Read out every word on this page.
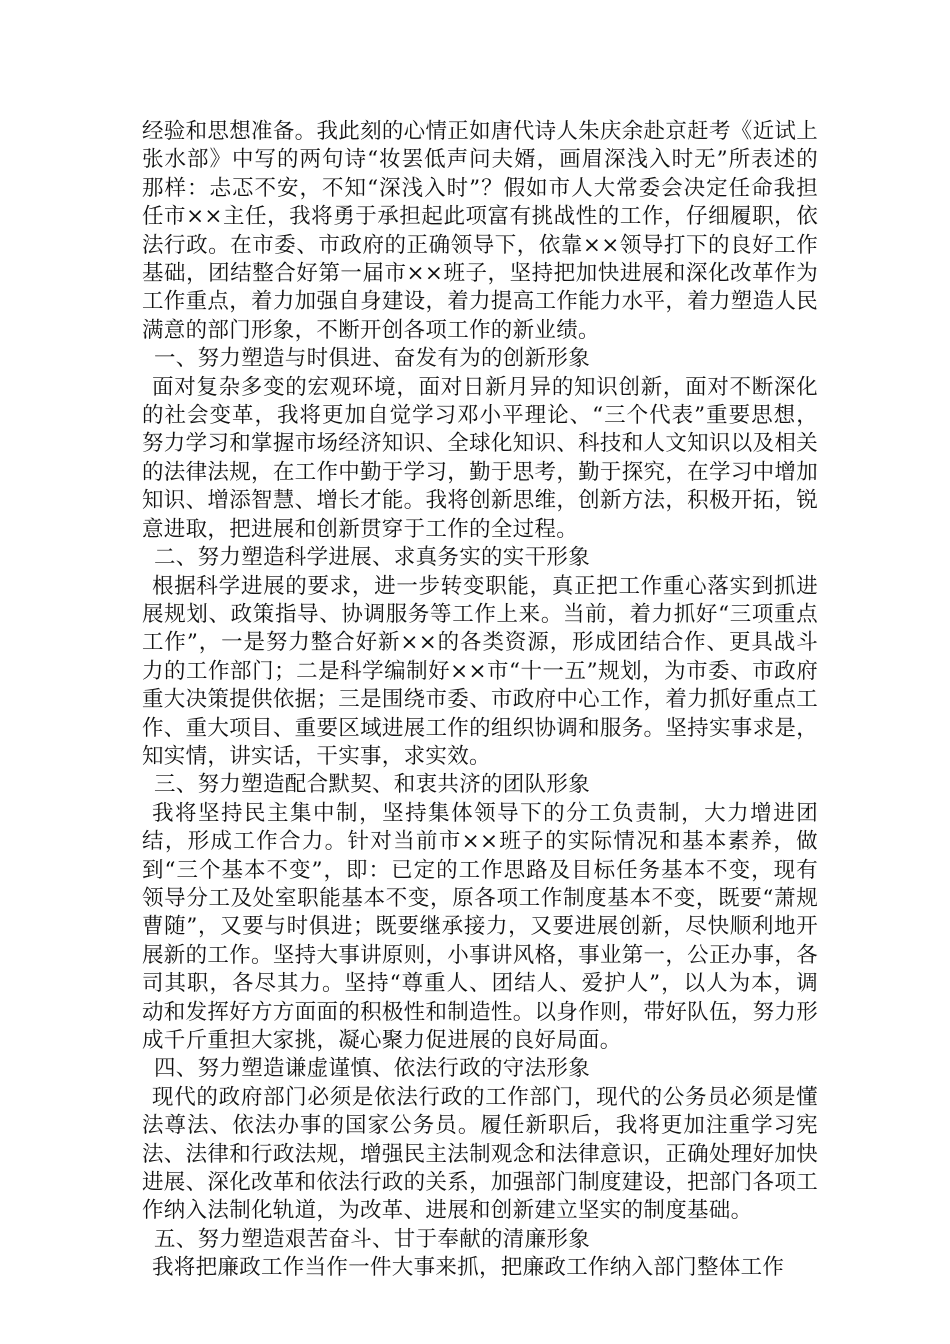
经验和思想准备。我此刻的心情正如唐代诗人朱庆余赴京赶考《近试上张水部》中写的两句诗“妆罢低声问夫婿，画眉深浅入时无”所表述的那样：忐忑不安，不知“深浅入时”？假如市人大常委会决定任命我担任市××主任，我将勇于承担起此项富有挑战性的工作，仔细履职，依法行政。在市委、市政府的正确领导下，依靠××领导打下的良好工作基础，团结整合好第一届市××班子，坚持把加快进展和深化改革作为工作重点，着力加强自身建设，着力提高工作能力水平，着力塑造人民满意的部门形象，不断开创各项工作的新业绩。

一、努力塑造与时俱进、奋发有为的创新形象

面对复杂多变的宏观环境，面对日新月异的知识创新，面对不断深化的社会变革，我将更加自觉学习邓小平理论、“三个代表”重要思想，努力学习和掌握市场经济知识、全球化知识、科技和人文知识以及相关的法律法规，在工作中勤于学习，勤于思考，勤于探究，在学习中增加知识、增添智慧、增长才能。我将创新思维，创新方法，积极开拓，锐意进取，把进展和创新贯穿于工作的全过程。

二、努力塑造科学进展、求真务实的实干形象

根据科学进展的要求，进一步转变职能，真正把工作重心落实到抓进展规划、政策指导、协调服务等工作上来。当前，着力抓好“三项重点工作”，一是努力整合好新××的各类资源，形成团结合作、更具战斗力的工作部门；二是科学编制好××市“十一五”规划，为市委、市政府重大决策提供依据；三是围绕市委、市政府中心工作，着力抓好重点工作、重大项目、重要区域进展工作的组织协调和服务。坚持实事求是，知实情，讲实话，干实事，求实效。

三、努力塑造配合默契、和衷共济的团队形象

我将坚持民主集中制，坚持集体领导下的分工负责制，大力增进团结，形成工作合力。针对当前市××班子的实际情况和基本素养，做到“三个基本不变”，即：已定的工作思路及目标任务基本不变，现有领导分工及处室职能基本不变，原各项工作制度基本不变，既要“萧规曹随”，又要与时俱进；既要继承接力，又要进展创新，尽快顺利地开展新的工作。坚持大事讲原则，小事讲风格，事业第一，公正办事，各司其职，各尽其力。坚持“尊重人、团结人、爱护人”，以人为本，调动和发挥好方方面面的积极性和制造性。以身作则，带好队伍，努力形成千斤重担大家挑，凝心聚力促进展的良好局面。

四、努力塑造谦虚谨慎、依法行政的守法形象

现代的政府部门必须是依法行政的工作部门，现代的公务员必须是懂法尊法、依法办事的国家公务员。履任新职后，我将更加注重学习宪法、法律和行政法规，增强民主法制观念和法律意识，正确处理好加快进展、深化改革和依法行政的关系，加强部门制度建设，把部门各项工作纳入法制化轨道，为改革、进展和创新建立坚实的制度基础。

五、努力塑造艰苦奋斗、甘于奉献的清廉形象

我将把廉政工作当作一件大事来抓，把廉政工作纳入部门整体工作
